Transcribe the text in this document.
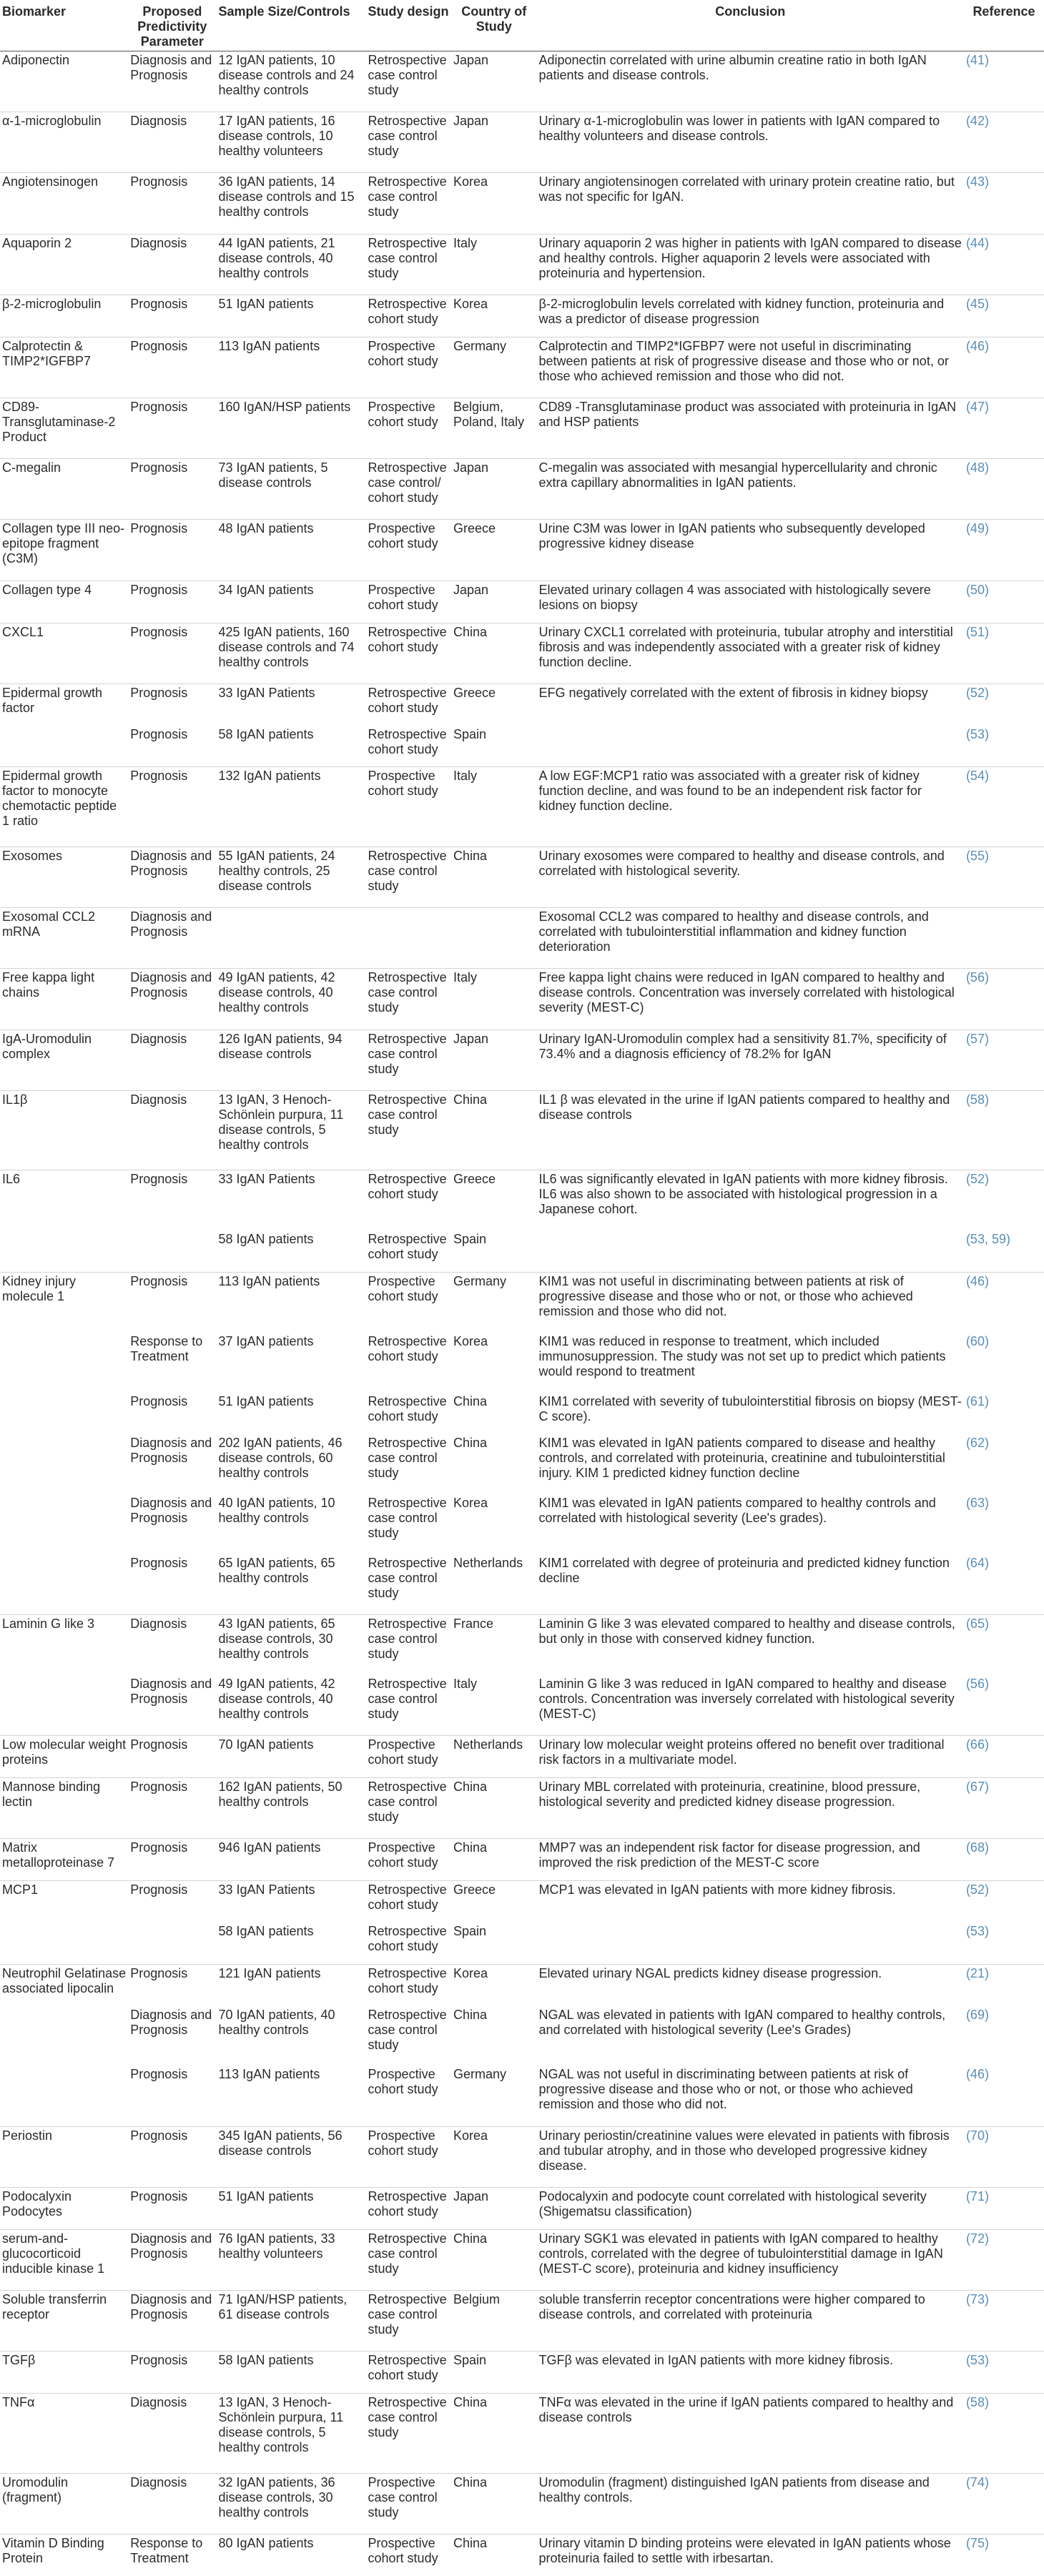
Biomarker	Proposed Predictivity Parameter	Sample Size/Controls	Study design	Country of Study	Conclusion	Reference
Adiponectin	Diagnosis and Prognosis	12 IgAN patients, 10 disease controls and 24 healthy controls	Retrospective case control study	Japan	Adiponectin correlated with urine albumin creatine ratio in both IgAN patients and disease controls.	(41)
α-1-microglobulin	Diagnosis	17 IgAN patients, 16 disease controls, 10 healthy volunteers	Retrospective case control study	Japan	Urinary α-1-microglobulin was lower in patients with IgAN compared to healthy volunteers and disease controls.	(42)
Angiotensinogen	Prognosis	36 IgAN patients, 14 disease controls and 15 healthy controls	Retrospective case control study	Korea	Urinary angiotensinogen correlated with urinary protein creatine ratio, but was not specific for IgAN.	(43)
Aquaporin 2	Diagnosis	44 IgAN patients, 21 disease controls, 40 healthy controls	Retrospective case control study	Italy	Urinary aquaporin 2 was higher in patients with IgAN compared to disease and healthy controls. Higher aquaporin 2 levels were associated with proteinuria and hypertension.	(44)
β-2-microglobulin	Prognosis	51 IgAN patients	Retrospective cohort study	Korea	β-2-microglobulin levels correlated with kidney function, proteinuria and was a predictor of disease progression	(45)
Calprotectin & TIMP2*IGFBP7	Prognosis	113 IgAN patients	Prospective cohort study	Germany	Calprotectin and TIMP2*IGFBP7 were not useful in discriminating between patients at risk of progressive disease and those who or not, or those who achieved remission and those who did not.	(46)
CD89-Transglutaminase-2 Product	Prognosis	160 IgAN/HSP patients	Prospective cohort study	Belgium, Poland, Italy	CD89 -Transglutaminase product was associated with proteinuria in IgAN and HSP patients	(47)
C-megalin	Prognosis	73 IgAN patients, 5 disease controls	Retrospective case control/ cohort study	Japan	C-megalin was associated with mesangial hypercellularity and chronic extra capillary abnormalities in IgAN patients.	(48)
Collagen type III neo-epitope fragment (C3M)	Prognosis	48 IgAN patients	Prospective cohort study	Greece	Urine C3M was lower in IgAN patients who subsequently developed progressive kidney disease	(49)
Collagen type 4	Prognosis	34 IgAN patients	Prospective cohort study	Japan	Elevated urinary collagen 4 was associated with histologically severe lesions on biopsy	(50)
CXCL1	Prognosis	425 IgAN patients, 160 disease controls and 74 healthy controls	Retrospective cohort study	China	Urinary CXCL1 correlated with proteinuria, tubular atrophy and interstitial fibrosis and was independently associated with a greater risk of kidney function decline.	(51)
Epidermal growth factor	Prognosis	33 IgAN Patients	Retrospective cohort study	Greece	EFG negatively correlated with the extent of fibrosis in kidney biopsy	(52)
	Prognosis	58 IgAN patients	Retrospective cohort study	Spain		(53)
Epidermal growth factor to monocyte chemotactic peptide 1 ratio	Prognosis	132 IgAN patients	Prospective cohort study	Italy	A low EGF:MCP1 ratio was associated with a greater risk of kidney function decline, and was found to be an independent risk factor for kidney function decline.	(54)
Exosomes	Diagnosis and Prognosis	55 IgAN patients, 24 healthy controls, 25 disease controls	Retrospective case control study	China	Urinary exosomes were compared to healthy and disease controls, and correlated with histological severity.	(55)
Exosomal CCL2 mRNA	Diagnosis and Prognosis				Exosomal CCL2 was compared to healthy and disease controls, and correlated with tubulointerstitial inflammation and kidney function deterioration	
Free kappa light chains	Diagnosis and Prognosis	49 IgAN patients, 42 disease controls, 40 healthy controls	Retrospective case control study	Italy	Free kappa light chains were reduced in IgAN compared to healthy and disease controls. Concentration was inversely correlated with histological severity (MEST-C)	(56)
IgA-Uromodulin complex	Diagnosis	126 IgAN patients, 94 disease controls	Retrospective case control study	Japan	Urinary IgAN-Uromodulin complex had a sensitivity 81.7%, specificity of 73.4% and a diagnosis efficiency of 78.2% for IgAN	(57)
IL1β	Diagnosis	13 IgAN, 3 Henoch-Schönlein purpura, 11 disease controls, 5 healthy controls	Retrospective case control study	China	IL1 β was elevated in the urine if IgAN patients compared to healthy and disease controls	(58)
IL6	Prognosis	33 IgAN Patients	Retrospective cohort study	Greece	IL6 was significantly elevated in IgAN patients with more kidney fibrosis. IL6 was also shown to be associated with histological progression in a Japanese cohort.	(52)
		58 IgAN patients	Retrospective cohort study	Spain		(53, 59)
Kidney injury molecule 1	Prognosis	113 IgAN patients	Prospective cohort study	Germany	KIM1 was not useful in discriminating between patients at risk of progressive disease and those who or not, or those who achieved remission and those who did not.	(46)
	Response to Treatment	37 IgAN patients	Retrospective cohort study	Korea	KIM1 was reduced in response to treatment, which included immunosuppression. The study was not set up to predict which patients would respond to treatment	(60)
	Prognosis	51 IgAN patients	Retrospective cohort study	China	KIM1 correlated with severity of tubulointerstitial fibrosis on biopsy (MEST-C score).	(61)
	Diagnosis and Prognosis	202 IgAN patients, 46 disease controls, 60 healthy controls	Retrospective case control study	China	KIM1 was elevated in IgAN patients compared to disease and healthy controls, and correlated with proteinuria, creatinine and tubulointerstitial injury. KIM 1 predicted kidney function decline	(62)
	Diagnosis and Prognosis	40 IgAN patients, 10 healthy controls	Retrospective case control study	Korea	KIM1 was elevated in IgAN patients compared to healthy controls and correlated with histological severity (Lee's grades).	(63)
	Prognosis	65 IgAN patients, 65 healthy controls	Retrospective case control study	Netherlands	KIM1 correlated with degree of proteinuria and predicted kidney function decline	(64)
Laminin G like 3	Diagnosis	43 IgAN patients, 65 disease controls, 30 healthy controls	Retrospective case control study	France	Laminin G like 3 was elevated compared to healthy and disease controls, but only in those with conserved kidney function.	(65)
	Diagnosis and Prognosis	49 IgAN patients, 42 disease controls, 40 healthy controls	Retrospective case control study	Italy	Laminin G like 3 was reduced in IgAN compared to healthy and disease controls. Concentration was inversely correlated with histological severity (MEST-C)	(56)
Low molecular weight proteins	Prognosis	70 IgAN patients	Prospective cohort study	Netherlands	Urinary low molecular weight proteins offered no benefit over traditional risk factors in a multivariate model.	(66)
Mannose binding lectin	Prognosis	162 IgAN patients, 50 healthy controls	Retrospective case control study	China	Urinary MBL correlated with proteinuria, creatinine, blood pressure, histological severity and predicted kidney disease progression.	(67)
Matrix metalloproteinase 7	Prognosis	946 IgAN patients	Prospective cohort study	China	MMP7 was an independent risk factor for disease progression, and improved the risk prediction of the MEST-C score	(68)
MCP1	Prognosis	33 IgAN Patients	Retrospective cohort study	Greece	MCP1 was elevated in IgAN patients with more kidney fibrosis.	(52)
		58 IgAN patients	Retrospective cohort study	Spain		(53)
Neutrophil Gelatinase associated lipocalin	Prognosis	121 IgAN patients	Retrospective cohort study	Korea	Elevated urinary NGAL predicts kidney disease progression.	(21)
	Diagnosis and Prognosis	70 IgAN patients, 40 healthy controls	Retrospective case control study	China	NGAL was elevated in patients with IgAN compared to healthy controls, and correlated with histological severity (Lee's Grades)	(69)
	Prognosis	113 IgAN patients	Prospective cohort study	Germany	NGAL was not useful in discriminating between patients at risk of progressive disease and those who or not, or those who achieved remission and those who did not.	(46)
Periostin	Prognosis	345 IgAN patients, 56 disease controls	Prospective cohort study	Korea	Urinary periostin/creatinine values were elevated in patients with fibrosis and tubular atrophy, and in those who developed progressive kidney disease.	(70)
Podocalyxin Podocytes	Prognosis	51 IgAN patients	Retrospective cohort study	Japan	Podocalyxin and podocyte count correlated with histological severity (Shigematsu classification)	(71)
serum-and-glucocorticoid inducible kinase 1	Diagnosis and Prognosis	76 IgAN patients, 33 healthy volunteers	Retrospective case control study	China	Urinary SGK1 was elevated in patients with IgAN compared to healthy controls, correlated with the degree of tubulointerstitial damage in IgAN (MEST-C score), proteinuria and kidney insufficiency	(72)
Soluble transferrin receptor	Diagnosis and Prognosis	71 IgAN/HSP patients, 61 disease controls	Retrospective case control study	Belgium	soluble transferrin receptor concentrations were higher compared to disease controls, and correlated with proteinuria	(73)
TGFβ	Prognosis	58 IgAN patients	Retrospective cohort study	Spain	TGFβ was elevated in IgAN patients with more kidney fibrosis.	(53)
TNFα	Diagnosis	13 IgAN, 3 Henoch-Schönlein purpura, 11 disease controls, 5 healthy controls	Retrospective case control study	China	TNFα was elevated in the urine if IgAN patients compared to healthy and disease controls	(58)
Uromodulin (fragment)	Diagnosis	32 IgAN patients, 36 disease controls, 30 healthy controls	Prospective case control study	China	Uromodulin (fragment) distinguished IgAN patients from disease and healthy controls.	(74)
Vitamin D Binding Protein	Response to Treatment	80 IgAN patients	Prospective cohort study	China	Urinary vitamin D binding proteins were elevated in IgAN patients whose proteinuria failed to settle with irbesartan.	(75)
